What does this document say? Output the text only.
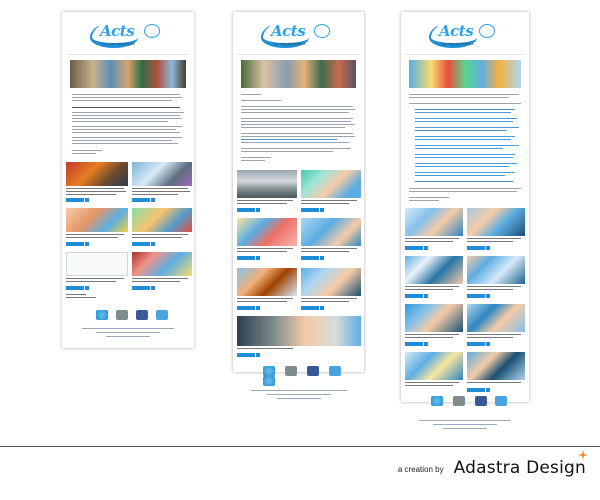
Acts
OF THE APOSTLES
Acts
OF THE APOSTLES
Acts
OF THE APOSTLES
a creation by Adastra Design
